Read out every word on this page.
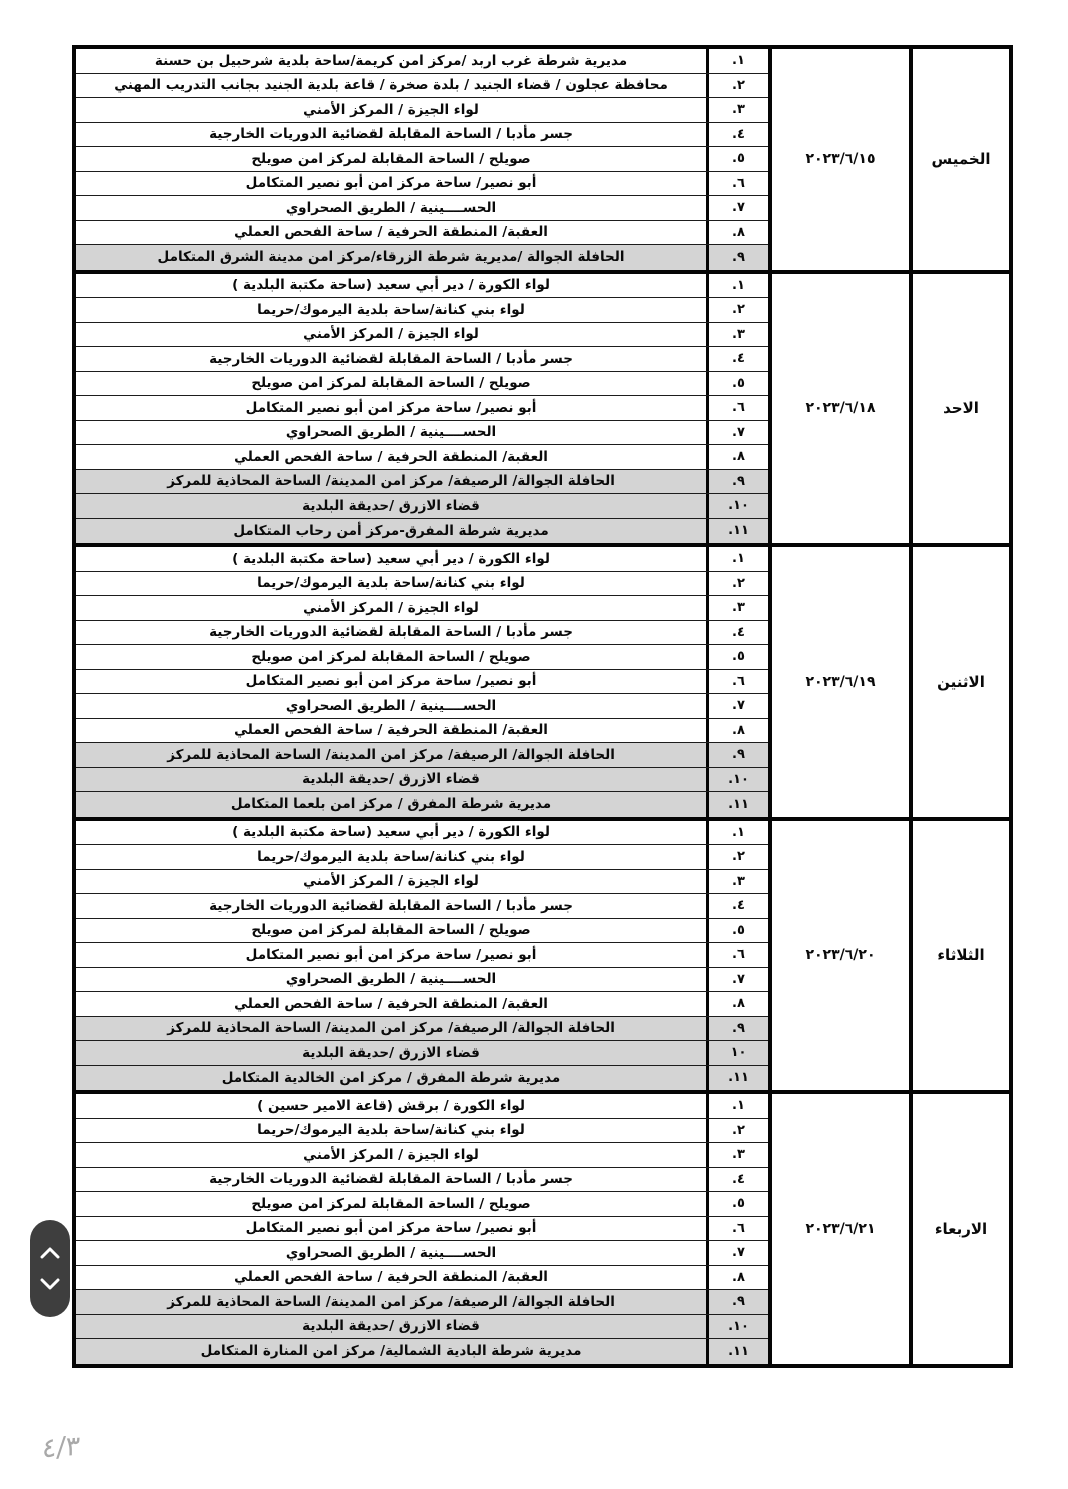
الخميس
٢٠٢٣/٦/١٥
.١
مديرية شرطة غرب اربد /مركز امن كريمة/ساحة بلدية شرحبيل بن حسنة
.٢
محافظة عجلون / قضاء الجنيد / بلدة صخرة / قاعة بلدية الجنيد بجانب التدريب المهني
.٣
لواء الجيزة / المركز الأمني
.٤
جسر مأدبا / الساحة المقابلة لقضائية الدوريات الخارجية
.٥
صويلح / الساحة المقابلة لمركز امن صويلح
.٦
أبو نصير/ ساحة مركز امن أبو نصير المتكامل
.٧
الحســــينية / الطريق الصحراوي
.٨
العقبة/ المنطقة الحرفية / ساحة الفحص العملي
.٩
الحافلة الجوالة /مديرية شرطة الزرقاء/مركز امن مدينة الشرق المتكامل
الاحد
٢٠٢٣/٦/١٨
.١
لواء الكورة / دير أبي سعيد (ساحة مكتبة البلدية )
.٢
لواء بني كنانة/ساحة بلدية اليرموك/حريما
.٣
لواء الجيزة / المركز الأمني
.٤
جسر مأدبا / الساحة المقابلة لقضائية الدوريات الخارجية
.٥
صويلح / الساحة المقابلة لمركز امن صويلح
.٦
أبو نصير/ ساحة مركز امن أبو نصير المتكامل
.٧
الحســــينية / الطريق الصحراوي
.٨
العقبة/ المنطقة الحرفية / ساحة الفحص العملي
.٩
الحافلة الجوالة/ الرصيفة/ مركز امن المدينة/ الساحة المحاذية للمركز
.١٠
قضاء الازرق /حديقة البلدية
.١١
مديرية شرطة المفرق-مركز أمن رحاب المتكامل
الاثنين
٢٠٢٣/٦/١٩
.١
لواء الكورة / دير أبي سعيد (ساحة مكتبة البلدية )
.٢
لواء بني كنانة/ساحة بلدية اليرموك/حريما
.٣
لواء الجيزة / المركز الأمني
.٤
جسر مأدبا / الساحة المقابلة لقضائية الدوريات الخارجية
.٥
صويلح / الساحة المقابلة لمركز امن صويلح
.٦
أبو نصير/ ساحة مركز امن أبو نصير المتكامل
.٧
الحســــينية / الطريق الصحراوي
.٨
العقبة/ المنطقة الحرفية / ساحة الفحص العملي
.٩
الحافلة الجوالة/ الرصيفة/ مركز امن المدينة/ الساحة المحاذية للمركز
.١٠
قضاء الازرق /حديقة البلدية
.١١
مديرية شرطة المفرق / مركز امن بلعما المتكامل
الثلاثاء
٢٠٢٣/٦/٢٠
.١
لواء الكورة / دير أبي سعيد (ساحة مكتبة البلدية )
.٢
لواء بني كنانة/ساحة بلدية اليرموك/حريما
.٣
لواء الجيزة / المركز الأمني
.٤
جسر مأدبا / الساحة المقابلة لقضائية الدوريات الخارجية
.٥
صويلح / الساحة المقابلة لمركز امن صويلح
.٦
أبو نصير/ ساحة مركز امن أبو نصير المتكامل
.٧
الحســــينية / الطريق الصحراوي
.٨
العقبة/ المنطقة الحرفية / ساحة الفحص العملي
.٩
الحافلة الجوالة/ الرصيفة/ مركز امن المدينة/ الساحة المحاذية للمركز
١٠
قضاء الازرق /حديقة البلدية
.١١
مديرية شرطة المفرق / مركز امن الخالدية المتكامل
الاربعاء
٢٠٢٣/٦/٢١
.١
لواء الكورة / برقش (قاعة الامير حسين )
.٢
لواء بني كنانة/ساحة بلدية اليرموك/حريما
.٣
لواء الجيزة / المركز الأمني
.٤
جسر مأدبا / الساحة المقابلة لقضائية الدوريات الخارجية
.٥
صويلح / الساحة المقابلة لمركز امن صويلح
.٦
أبو نصير/ ساحة مركز امن أبو نصير المتكامل
.٧
الحســــينية / الطريق الصحراوي
.٨
العقبة/ المنطقة الحرفية / ساحة الفحص العملي
.٩
الحافلة الجوالة/ الرصيفة/ مركز امن المدينة/ الساحة المحاذية للمركز
.١٠
قضاء الازرق /حديقة البلدية
.١١
مديرية شرطة البادية الشمالية/ مركز امن المنارة المتكامل
٤/٣
